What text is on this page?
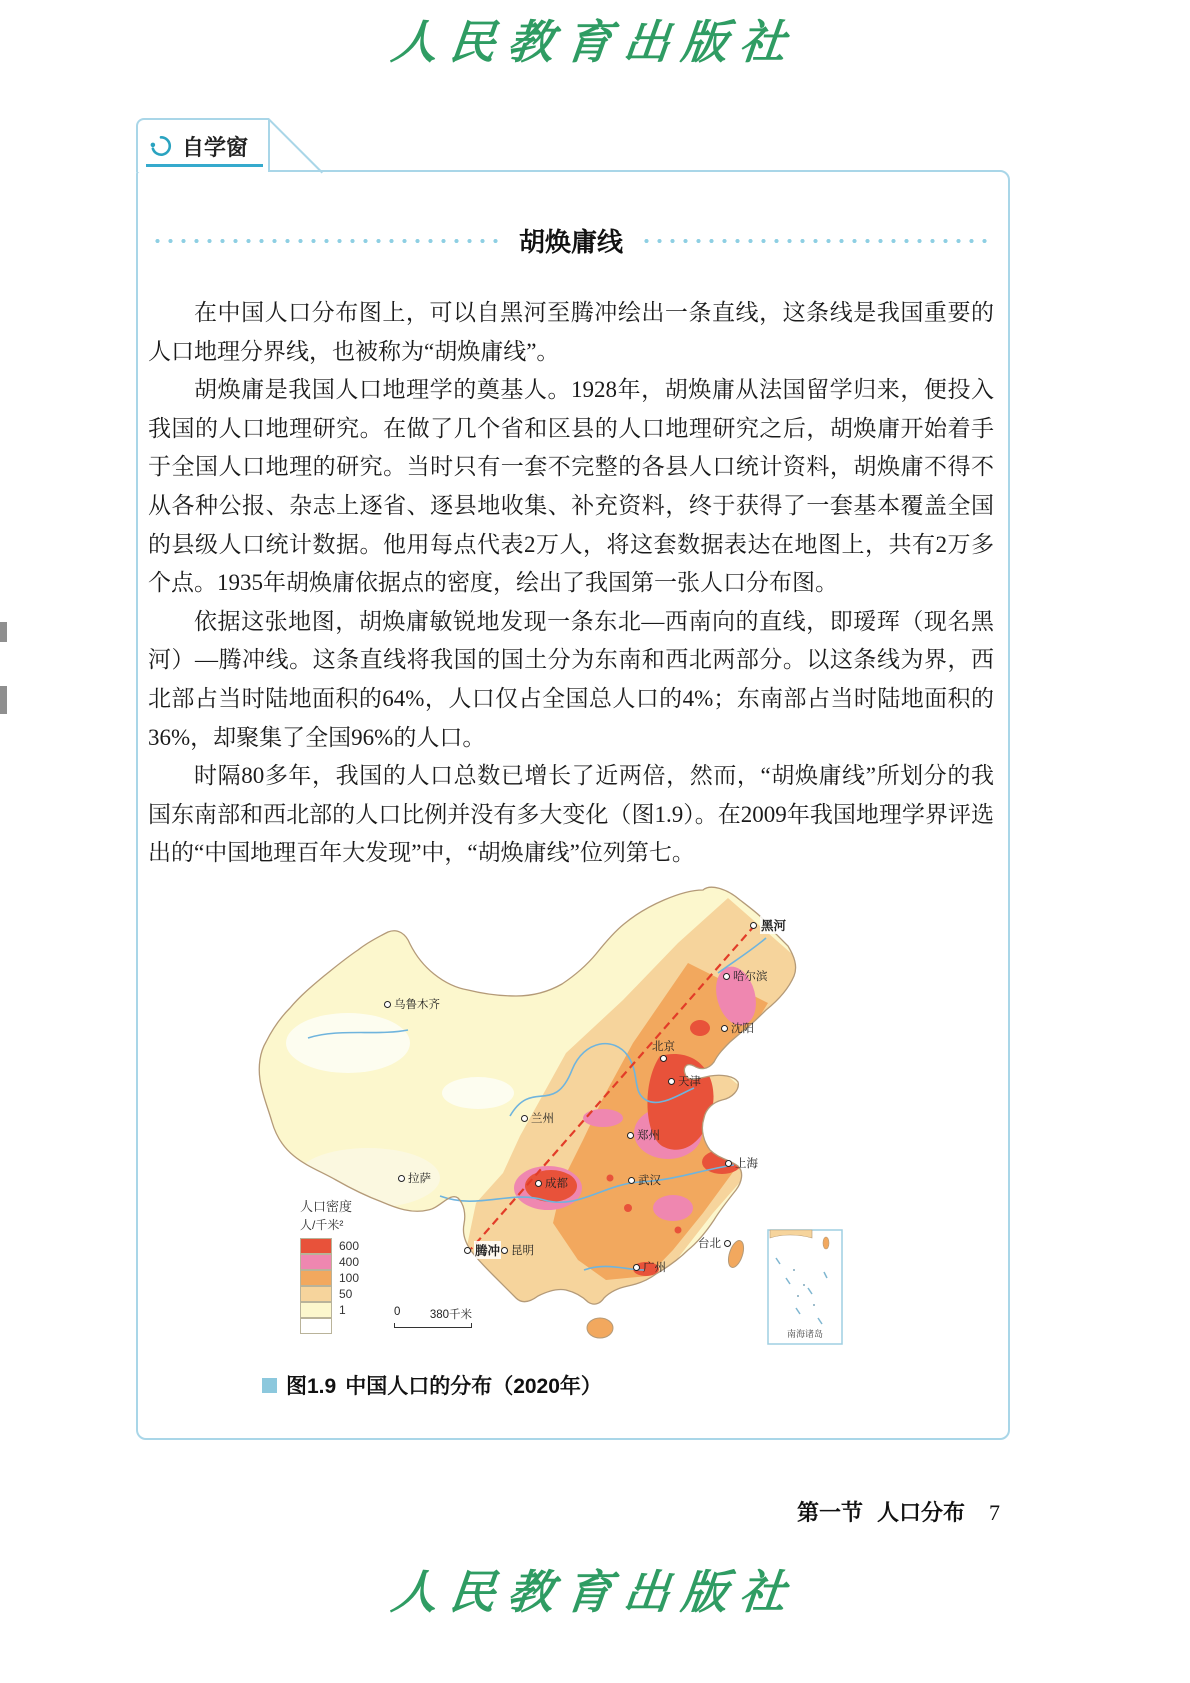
人民教育出版社
自学窗
胡焕庸线

在中国人口分布图上，可以自黑河至腾冲绘出一条直线，这条线是我国重要的人口地理分界线，也被称为“胡焕庸线”。

胡焕庸是我国人口地理学的奠基人。1928年，胡焕庸从法国留学归来，便投入我国的人口地理研究。在做了几个省和区县的人口地理研究之后，胡焕庸开始着手于全国人口地理的研究。当时只有一套不完整的各县人口统计资料，胡焕庸不得不从各种公报、杂志上逐省、逐县地收集、补充资料，终于获得了一套基本覆盖全国的县级人口统计数据。他用每点代表2万人，将这套数据表达在地图上，共有2万多个点。1935年胡焕庸依据点的密度，绘出了我国第一张人口分布图。

依据这张地图，胡焕庸敏锐地发现一条东北—西南向的直线，即瑷珲（现名黑河）—腾冲线。这条直线将我国的国土分为东南和西北两部分。以这条线为界，西北部占当时陆地面积的64%，人口仅占全国总人口的4%；东南部占当时陆地面积的36%，却聚集了全国96%的人口。

时隔80多年，我国的人口总数已增长了近两倍，然而，“胡焕庸线”所划分的我国东南部和西北部的人口比例并没有多大变化（图1.9）。在2009年我国地理学界评选出的“中国地理百年大发现”中，“胡焕庸线”位列第七。

南海诸岛
黑河
哈尔滨
乌鲁木齐
沈阳
北京
天津
兰州
郑州
上海
拉萨	成都	武汉
腾冲 昆明
台北
广州
人口密度
人/千米²
600
400
100
50
1	0	380千米
图1.9 中国人口的分布（2020年）
第一节 人口分布 7
人民教育出版社
